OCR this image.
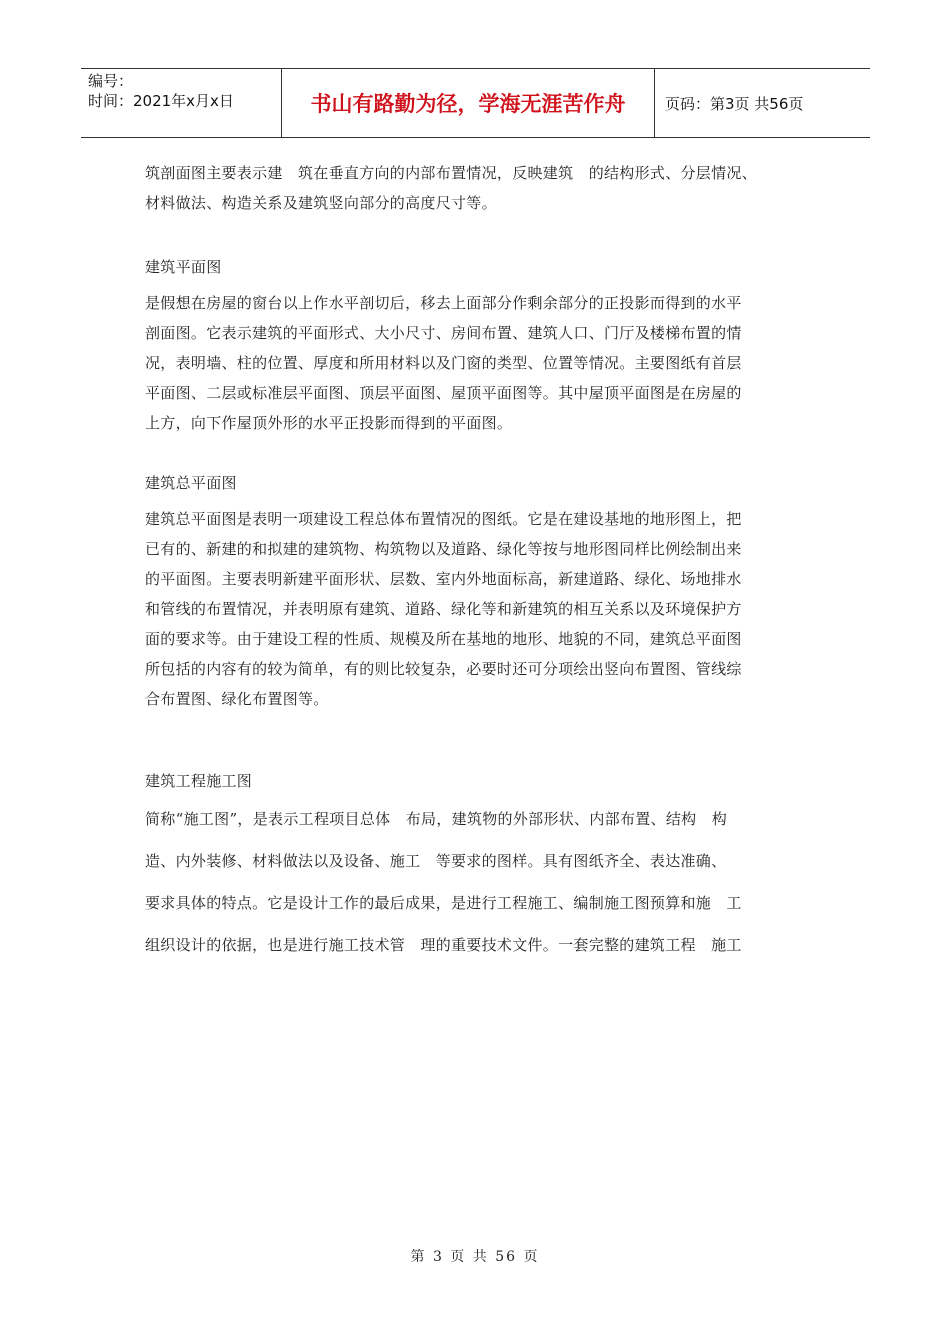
编号：
时间：2021年x月x日	书山有路勤为径，学海无涯苦作舟	页码：第3页 共56页

筑剖面图主要表示建　筑在垂直方向的内部布置情况，反映建筑　的结构形式、分层情况、

材料做法、构造关系及建筑竖向部分的高度尺寸等。

建筑平面图

是假想在房屋的窗台以上作水平剖切后，移去上面部分作剩余部分的正投影而得到的水平

剖面图。它表示建筑的平面形式、大小尺寸、房间布置、建筑人口、门厅及楼梯布置的情

况，表明墙、柱的位置、厚度和所用材料以及门窗的类型、位置等情况。主要图纸有首层

平面图、二层或标准层平面图、顶层平面图、屋顶平面图等。其中屋顶平面图是在房屋的

上方，向下作屋顶外形的水平正投影而得到的平面图。

建筑总平面图

建筑总平面图是表明一项建设工程总体布置情况的图纸。它是在建设基地的地形图上，把

已有的、新建的和拟建的建筑物、构筑物以及道路、绿化等按与地形图同样比例绘制出来

的平面图。主要表明新建平面形状、层数、室内外地面标高，新建道路、绿化、场地排水

和管线的布置情况，并表明原有建筑、道路、绿化等和新建筑的相互关系以及环境保护方

面的要求等。由于建设工程的性质、规模及所在基地的地形、地貌的不同，建筑总平面图

所包括的内容有的较为简单，有的则比较复杂，必要时还可分项绘出竖向布置图、管线综

合布置图、绿化布置图等。

建筑工程施工图

简称“施工图”，是表示工程项目总体　布局，建筑物的外部形状、内部布置、结构　构

造、内外装修、材料做法以及设备、施工　等要求的图样。具有图纸齐全、表达准确、

要求具体的特点。它是设计工作的最后成果，是进行工程施工、编制施工图预算和施　工

组织设计的依据，也是进行施工技术管　理的重要技术文件。一套完整的建筑工程　施工

第 3 页 共 56 页
